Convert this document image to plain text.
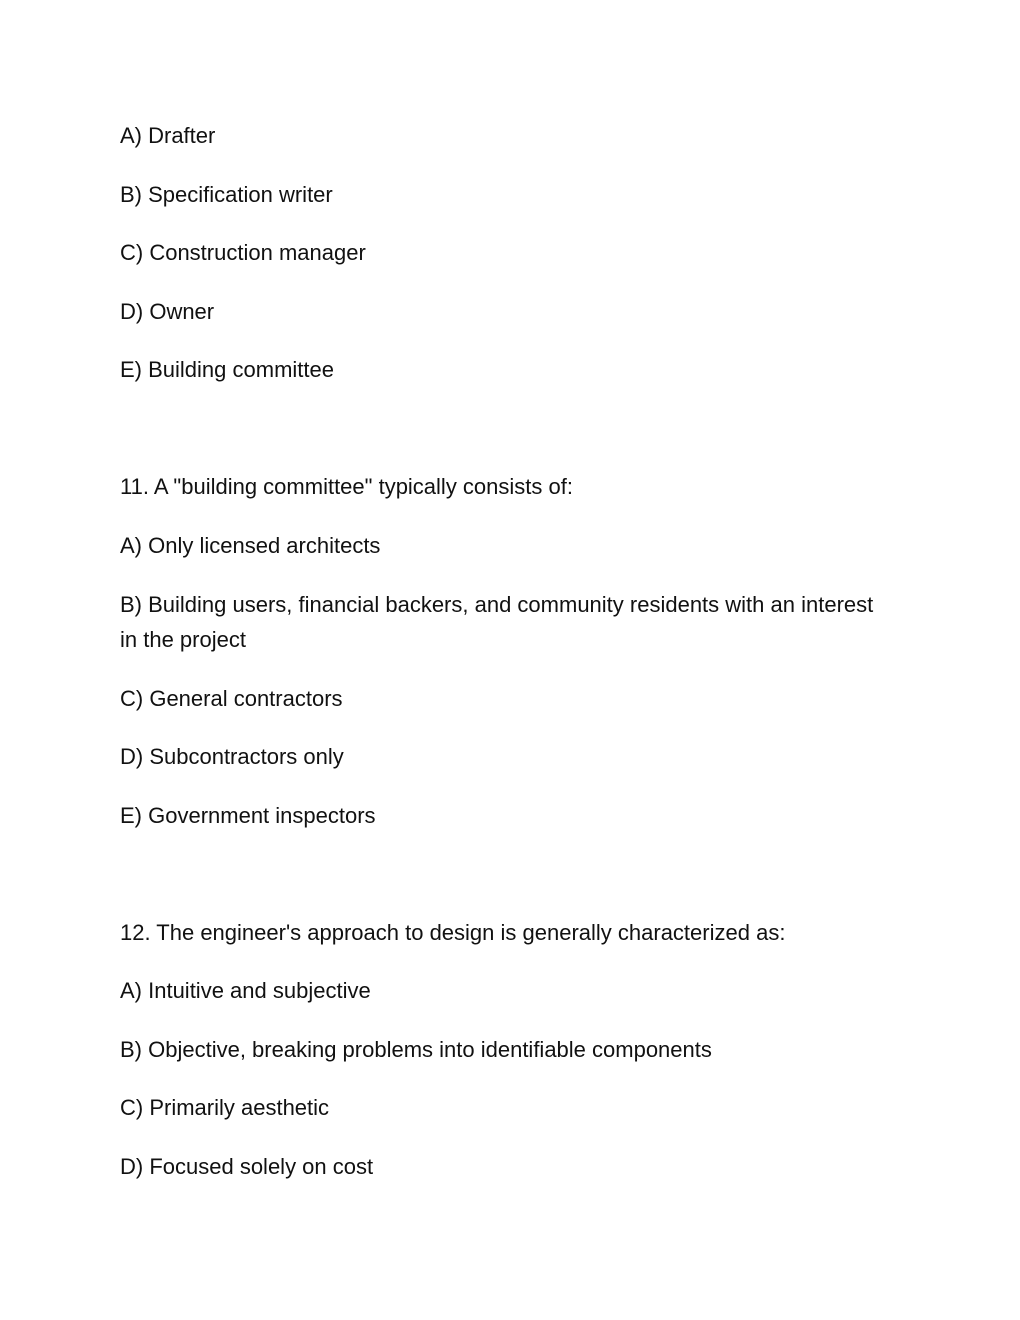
A) Drafter

B) Specification writer

C) Construction manager

D) Owner

E) Building committee

11. A "building committee" typically consists of:

A) Only licensed architects

B) Building users, financial backers, and community residents with an interest in the project

C) General contractors

D) Subcontractors only

E) Government inspectors

12. The engineer's approach to design is generally characterized as:

A) Intuitive and subjective

B) Objective, breaking problems into identifiable components

C) Primarily aesthetic

D) Focused solely on cost
